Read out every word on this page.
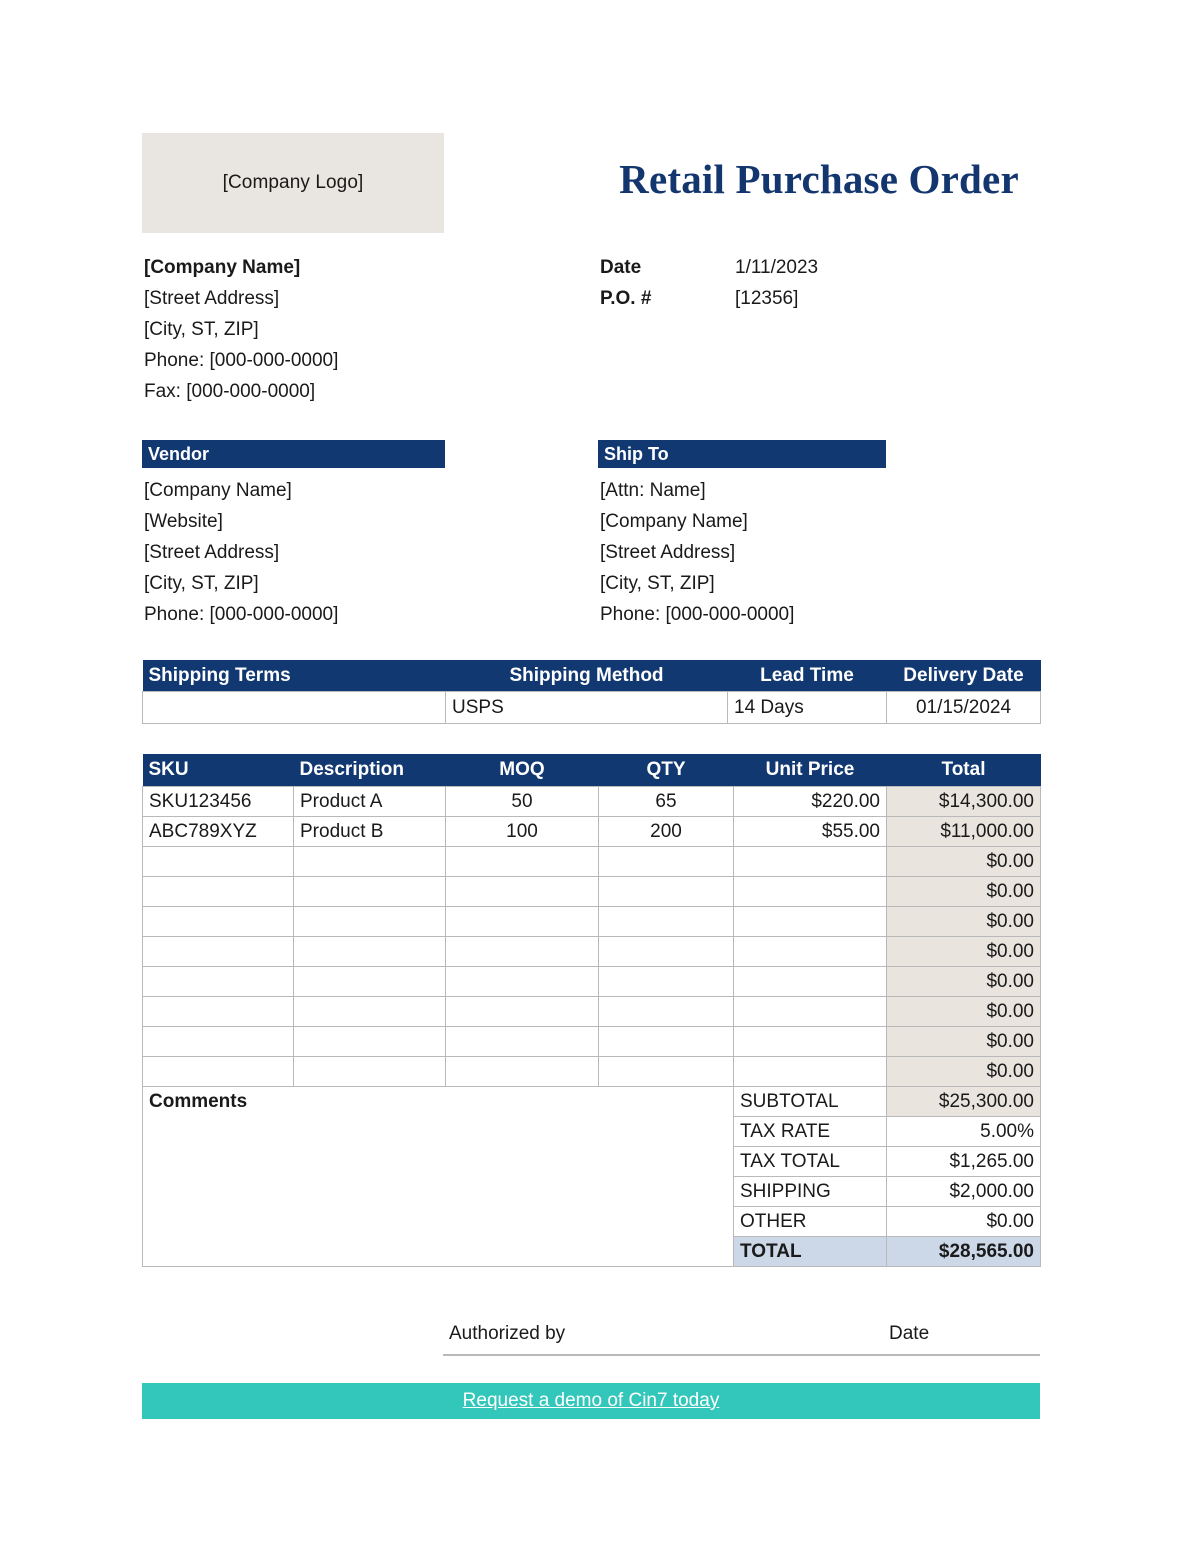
[Company Logo]	Retail Purchase Order
[Company Name]
[Street Address]
[City, ST, ZIP]
Phone: [000-000-0000]
Fax: [000-000-0000]
Date	1/11/2023
P.O. #	[12356]
Vendor
[Company Name]
[Website]
[Street Address]
[City, ST, ZIP]
Phone: [000-000-0000]
Ship To
[Attn: Name]
[Company Name]
[Street Address]
[City, ST, ZIP]
Phone: [000-000-0000]
Shipping Terms	Shipping Method	Lead Time	Delivery Date
	USPS	14 Days	01/15/2024
SKU	Description	MOQ	QTY	Unit Price	Total
SKU123456	Product A	50	65	$220.00	$14,300.00
ABC789XYZ	Product B	100	200	$55.00	$11,000.00
					$0.00
					$0.00
					$0.00
					$0.00
					$0.00
					$0.00
					$0.00
					$0.00
Comments				SUBTOTAL	$25,300.00
				TAX RATE	5.00%
				TAX TOTAL	$1,265.00
				SHIPPING	$2,000.00
				OTHER	$0.00
				TOTAL	$28,565.00
Authorized by	Date
Request a demo of Cin7 today
